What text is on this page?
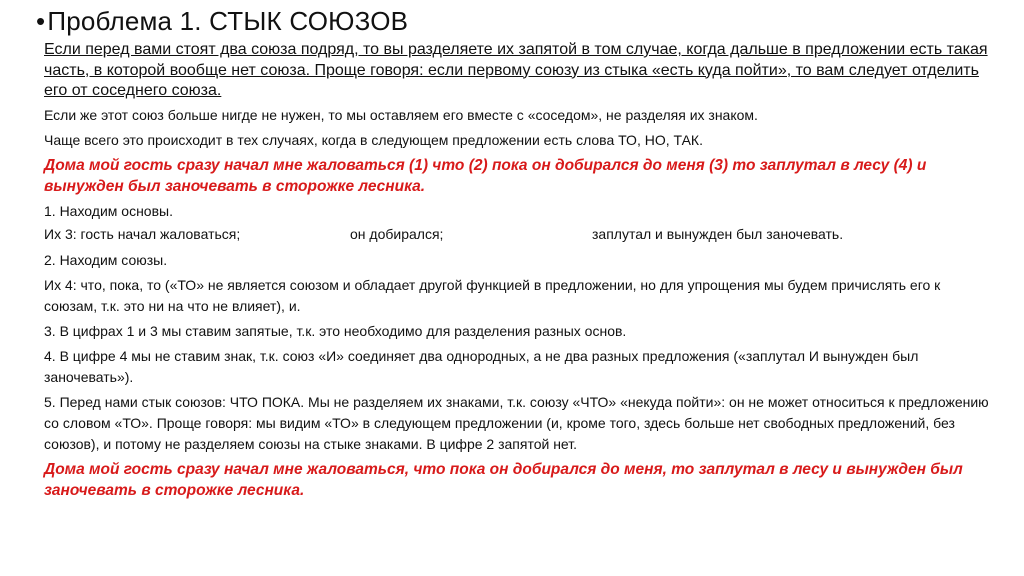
•Проблема 1. СТЫК СОЮЗОВ

Если перед вами стоят два союза подряд, то вы разделяете их запятой в том случае, когда дальше в предложении есть такая часть, в которой вообще нет союза. Проще говоря: если первому союзу из стыка «есть куда пойти», то вам следует отделить его от соседнего союза.

Если же этот союз больше нигде не нужен, то мы оставляем его вместе с «соседом», не разделяя их знаком.

Чаще всего это происходит в тех случаях, когда в следующем предложении есть слова ТО, НО, ТАК.

Дома мой гость сразу начал мне жаловаться (1) что (2) пока он добирался до меня (3) то заплутал в лесу (4) и вынужден был заночевать в сторожке лесника.

1. Находим основы.

Их 3: гость начал жаловаться;	он добирался;	заплутал и вынужден был заночевать.

2. Находим союзы.

Их 4: что, пока, то («ТО» не является союзом и обладает другой функцией в предложении, но для упрощения мы будем причислять его к союзам, т.к. это ни на что не влияет), и.

3. В цифрах 1 и 3 мы ставим запятые, т.к. это необходимо для разделения разных основ.

4. В цифре 4 мы не ставим знак, т.к. союз «И» соединяет два однородных, а не два разных предложения («заплутал И вынужден был заночевать»).

5. Перед нами стык союзов: ЧТО ПОКА. Мы не разделяем их знаками, т.к. союзу «ЧТО» «некуда пойти»: он не может относиться к предложению со словом «ТО». Проще говоря: мы видим «ТО» в следующем предложении (и, кроме того, здесь больше нет свободных предложений, без союзов), и потому не разделяем союзы на стыке знаками. В цифре 2 запятой нет.

Дома мой гость сразу начал мне жаловаться, что пока он добирался до меня, то заплутал в лесу и вынужден был заночевать в сторожке лесника.
